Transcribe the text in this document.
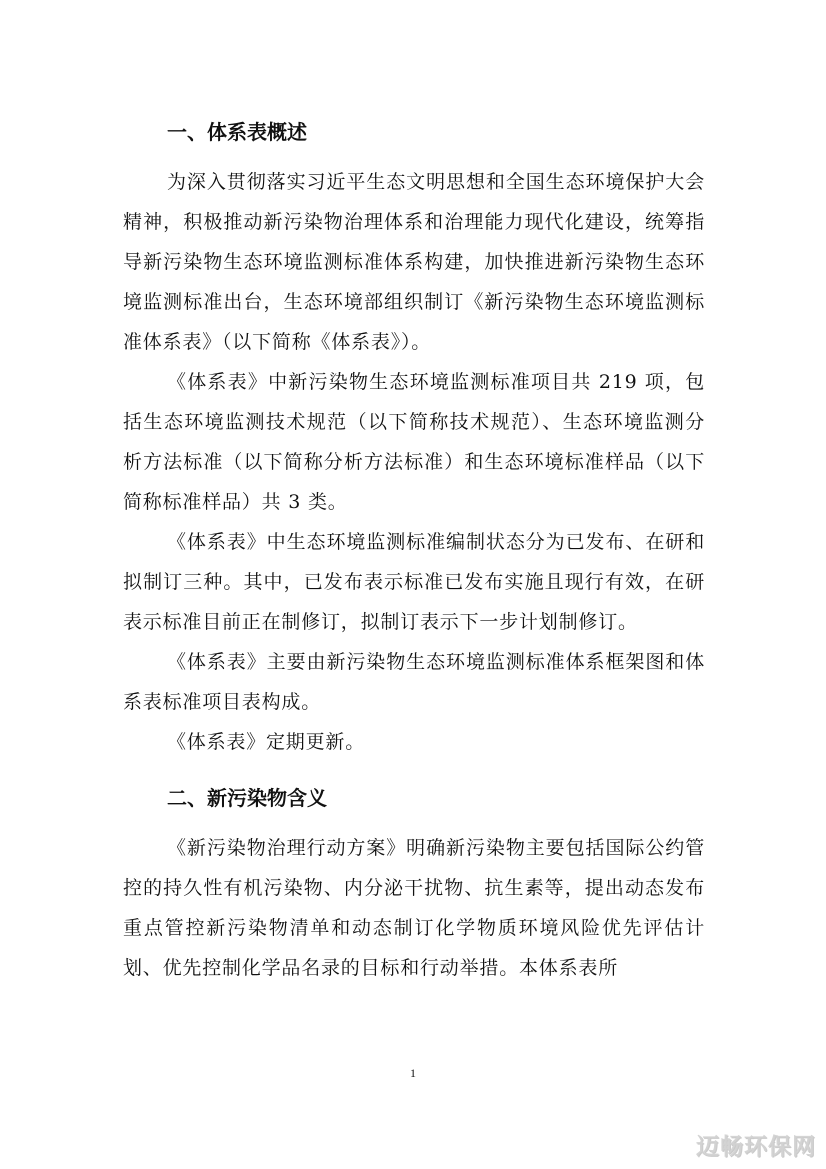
一、体系表概述

为深入贯彻落实习近平生态文明思想和全国生态环境保护大会精神，积极推动新污染物治理体系和治理能力现代化建设，统筹指导新污染物生态环境监测标准体系构建，加快推进新污染物生态环境监测标准出台，生态环境部组织制订《新污染物生态环境监测标准体系表》（以下简称《体系表》）。

《体系表》中新污染物生态环境监测标准项目共 219 项，包括生态环境监测技术规范（以下简称技术规范）、生态环境监测分析方法标准（以下简称分析方法标准）和生态环境标准样品（以下简称标准样品）共 3 类。

《体系表》中生态环境监测标准编制状态分为已发布、在研和拟制订三种。其中，已发布表示标准已发布实施且现行有效，在研表示标准目前正在制修订，拟制订表示下一步计划制修订。

《体系表》主要由新污染物生态环境监测标准体系框架图和体系表标准项目表构成。

《体系表》定期更新。

二、新污染物含义

《新污染物治理行动方案》明确新污染物主要包括国际公约管控的持久性有机污染物、内分泌干扰物、抗生素等，提出动态发布重点管控新污染物清单和动态制订化学物质环境风险优先评估计划、优先控制化学品名录的目标和行动举措。本体系表所

1
迈畅环保网
